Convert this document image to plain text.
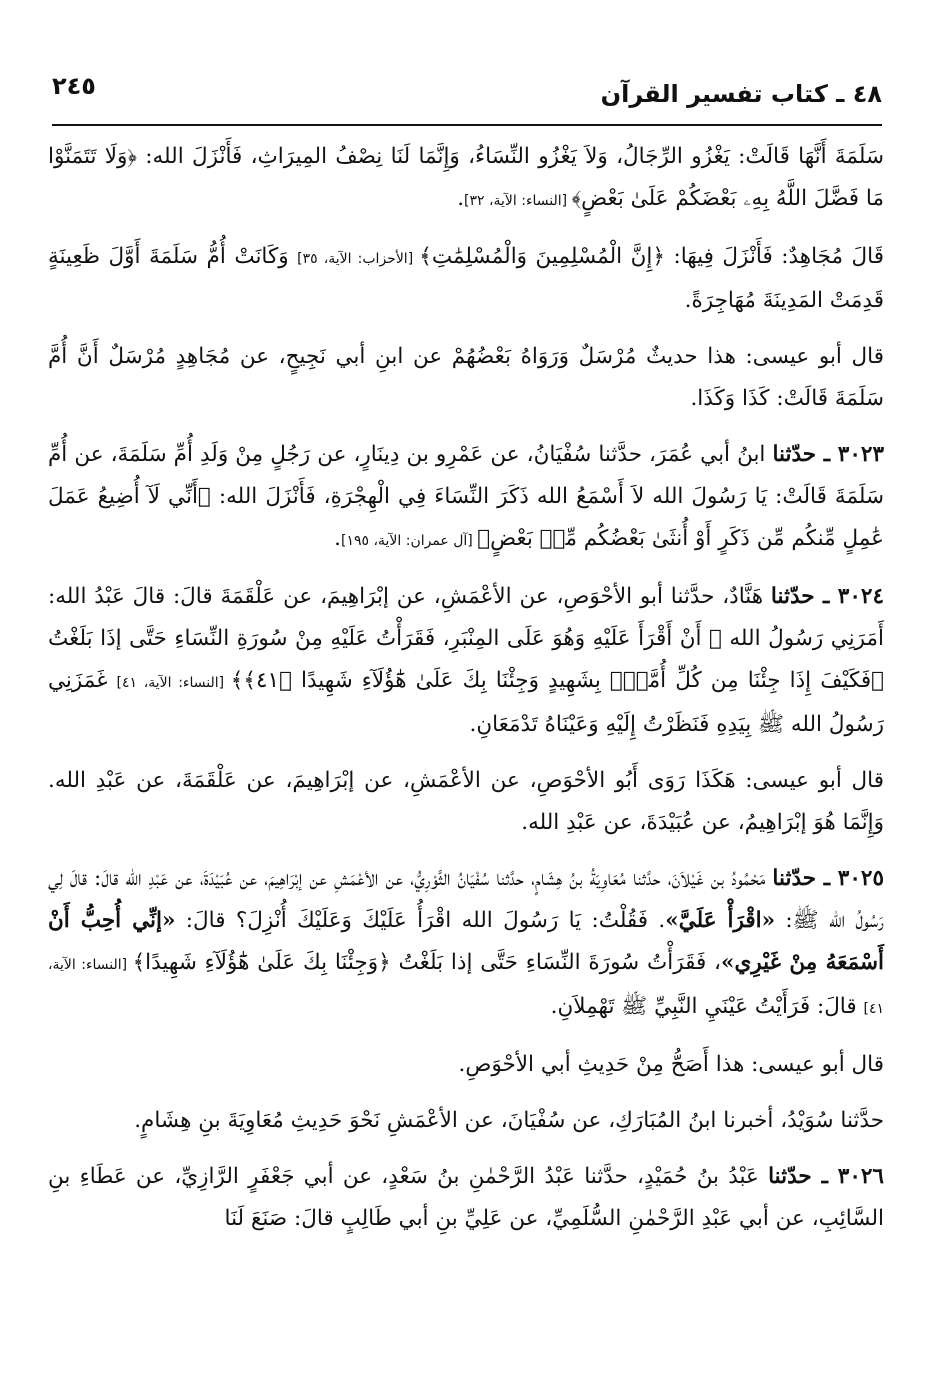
٤٨ ـ كتاب تفسير القرآن
٢٤٥

سَلَمَةَ أَنَّهَا قَالَتْ: يَغْزُو الرِّجَالُ، وَلاَ يَغْزُو النِّسَاءُ، وَإِنَّمَا لَنَا نِصْفُ المِيرَاثِ، فَأَنْزَلَ الله: ﴿وَلَا تَتَمَنَّوْا مَا فَضَّلَ اللَّهُ بِهِۦ بَعْضَكُمْ عَلَىٰ بَعْضٍ﴾ [النساء: الآية، ٣٢].

قَالَ مُجَاهِدٌ: فَأَنْزَلَ فِيهَا: ﴿إِنَّ الْمُسْلِمِينَ وَالْمُسْلِمَٰتِ﴾ [الأحزاب: الآية، ٣٥] وَكَانَتْ أُمُّ سَلَمَةَ أَوَّلَ ظَعِينَةٍ قَدِمَتْ المَدِينَةَ مُهَاجِرَةً.

قال أبو عيسى: هذا حديثٌ مُرْسَلٌ وَرَوَاهُ بَعْضُهُمْ عن ابنِ أبي نَجِيحٍ، عن مُجَاهِدٍ مُرْسَلٌ أَنَّ أُمَّ سَلَمَةَ قَالَتْ: كَذَا وَكَذَا.

٣٠٢٣ ـ حدّثنا ابنُ أبي عُمَرَ، حدَّثنا سُفْيَانُ، عن عَمْرِو بن دِينَارٍ، عن رَجُلٍ مِنْ وَلَدِ أُمِّ سَلَمَةَ، عن أُمِّ سَلَمَةَ قَالَتْ: يَا رَسُولَ الله لاَ أَسْمَعُ الله ذَكَرَ النِّسَاءَ فِي الْهِجْرَةِ، فَأَنْزَلَ الله: ﴿أَنِّي لَآ أُضِيعُ عَمَلَ عَٰمِلٍ مِّنكُم مِّن ذَكَرٍ أَوْ أُنثَىٰ بَعْضُكُم مِّنۢ بَعْضٍ﴾ [آل عمران: الآية، ١٩٥].

٣٠٢٤ ـ حدّثنا هَنَّادٌ، حدَّثنا أبو الأحْوَصِ، عن الأعْمَشِ، عن إبْرَاهِيمَ، عن عَلْقَمَةَ قالَ: قالَ عَبْدُ الله: أَمَرَنِي رَسُولُ الله ﷺ أَنْ أَقْرَأَ عَلَيْهِ وَهُوَ عَلَى المِنْبَرِ، فَقَرَأْتُ عَلَيْهِ مِنْ سُورَةِ النِّسَاءِ حَتَّى إذَا بَلَغْتُ ﴿فَكَيْفَ إِذَا جِئْنَا مِن كُلِّ أُمَّةٍۭ بِشَهِيدٍ وَجِئْنَا بِكَ عَلَىٰ هَٰٓؤُلَآءِ شَهِيدًا ﴿٤١﴾﴾ [النساء: الآية، ٤١] غَمَزَنِي رَسُولُ الله ﷺ بِيَدِهِ فَنَظَرْتُ إِلَيْهِ وَعَيْنَاهُ تَدْمَعَانِ.

قال أبو عيسى: هَكَذَا رَوَى أَبُو الأحْوَصِ، عن الأعْمَشِ، عن إبْرَاهِيمَ، عن عَلْقَمَةَ، عن عَبْدِ الله. وَإِنَّمَا هُوَ إبْرَاهِيمُ، عن عُبَيْدَةَ، عن عَبْدِ الله.

٣٠٢٥ ـ حدّثنا مَحْمُودُ بن غَيْلاَنَ، حدَّثنا مُعَاوِيَةُ بنُ هِشَامٍ، حدَّثنا سُفْيَانُ الثَّوْرِيُّ، عن الأعْمَشِ عن إبْرَاهِيمَ، عن عُبَيْدَةَ، عن عَبْدِ الله قالَ: قالَ لِي رَسُولُ الله ﷺ: «اقْرَأْ عَلَيَّ». فَقُلْتُ: يَا رَسُولَ الله اقْرَأُ عَلَيْكَ وَعَلَيْكَ أُنْزِلَ؟ قالَ: «إنِّي أُحِبُّ أَنْ أَسْمَعَهُ مِنْ غَيْرِي»، فَقَرَأْتُ سُورَةَ النِّسَاءِ حَتَّى إذا بَلَغْتُ ﴿وَجِئْنَا بِكَ عَلَىٰ هَٰٓؤُلَآءِ شَهِيدًا﴾ [النساء: الآية، ٤١] قالَ: فَرَأَيْتُ عَيْنَيِ النَّبِيِّ ﷺ تَهْمِلاَنِ.

قال أبو عيسى: هذا أَصَحُّ مِنْ حَدِيثِ أبي الأحْوَصِ.

حدَّثنا سُوَيْدُ، أخبرنا ابنُ المُبَارَكِ، عن سُفْيَانَ، عن الأعْمَشِ نَحْوَ حَدِيثِ مُعَاوِيَةَ بنِ هِشَامٍ.

٣٠٢٦ ـ حدّثنا عَبْدُ بنُ حُمَيْدٍ، حدَّثنا عَبْدُ الرَّحْمٰنِ بنُ سَعْدٍ، عن أبي جَعْفَرٍ الرَّازِيِّ، عن عَطَاءِ بنِ السَّائِبِ، عن أبي عَبْدِ الرَّحْمٰنِ السُّلَمِيِّ، عن عَلِيِّ بنِ أبي طَالِبٍ قالَ: صَنَعَ لَنَا
